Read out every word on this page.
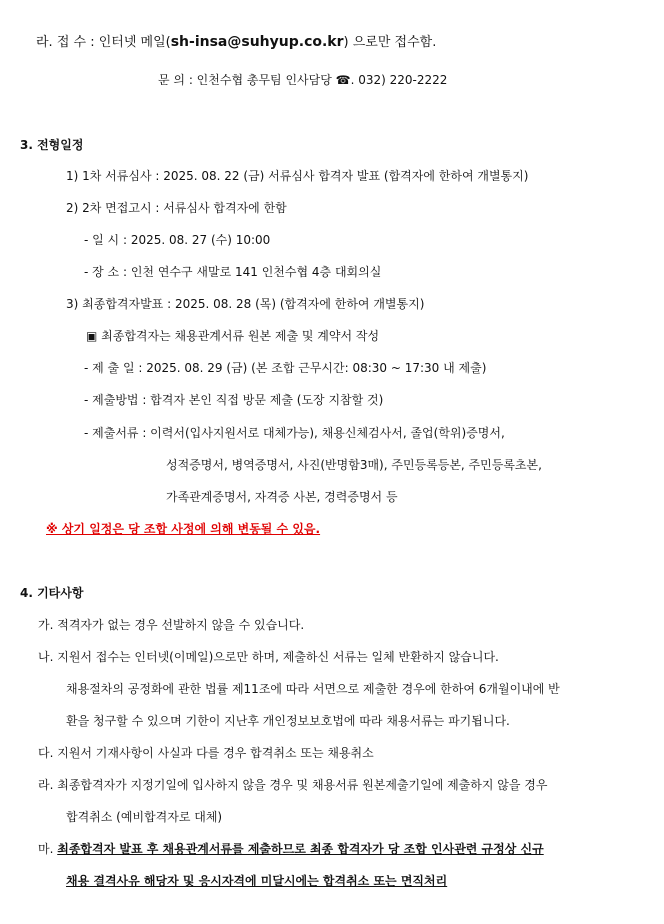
라. 접 수 : 인터넷 메일(sh-insa@suhyup.co.kr) 으로만 접수함.
문 의 : 인천수협 총무팀 인사담당 ☎. 032) 220-2222
3. 전형일정
1) 1차 서류심사 : 2025. 08. 22 (금) 서류심사 합격자 발표 (합격자에 한하여 개별통지)
2) 2차 면접고시 : 서류심사 합격자에 한함
- 일 시 : 2025. 08. 27 (수) 10:00
- 장 소 : 인천 연수구 새말로 141 인천수협 4층 대회의실
3) 최종합격자발표 : 2025. 08. 28 (목) (합격자에 한하여 개별통지)
▣ 최종합격자는 채용관계서류 원본 제출 및 계약서 작성
- 제 출 일 : 2025. 08. 29 (금) (본 조합 근무시간: 08:30 ~ 17:30 내 제출)
- 제출방법 : 합격자 본인 직접 방문 제출 (도장 지참할 것)
- 제출서류 : 이력서(입사지원서로 대체가능), 채용신체검사서, 졸업(학위)증명서,
성적증명서, 병역증명서, 사진(반명함3매), 주민등록등본, 주민등록초본,
가족관계증명서, 자격증 사본, 경력증명서 등
※ 상기 일정은 당 조합 사정에 의해 변동될 수 있음.
4. 기타사항
가. 적격자가 없는 경우 선발하지 않을 수 있습니다.
나. 지원서 접수는 인터넷(이메일)으로만 하며, 제출하신 서류는 일체 반환하지 않습니다.
채용절차의 공정화에 관한 법률 제11조에 따라 서면으로 제출한 경우에 한하여 6개월이내에 반
환을 청구할 수 있으며 기한이 지난후 개인정보보호법에 따라 채용서류는 파기됩니다.
다. 지원서 기재사항이 사실과 다를 경우 합격취소 또는 채용취소
라. 최종합격자가 지정기일에 입사하지 않을 경우 및 채용서류 원본제출기일에 제출하지 않을 경우
합격취소 (예비합격자로 대체)
마. 최종합격자 발표 후 채용관계서류를 제출하므로 최종 합격자가 당 조합 인사관련 규정상 신규
채용 결격사유 해당자 및 응시자격에 미달시에는 합격취소 또는 면직처리
